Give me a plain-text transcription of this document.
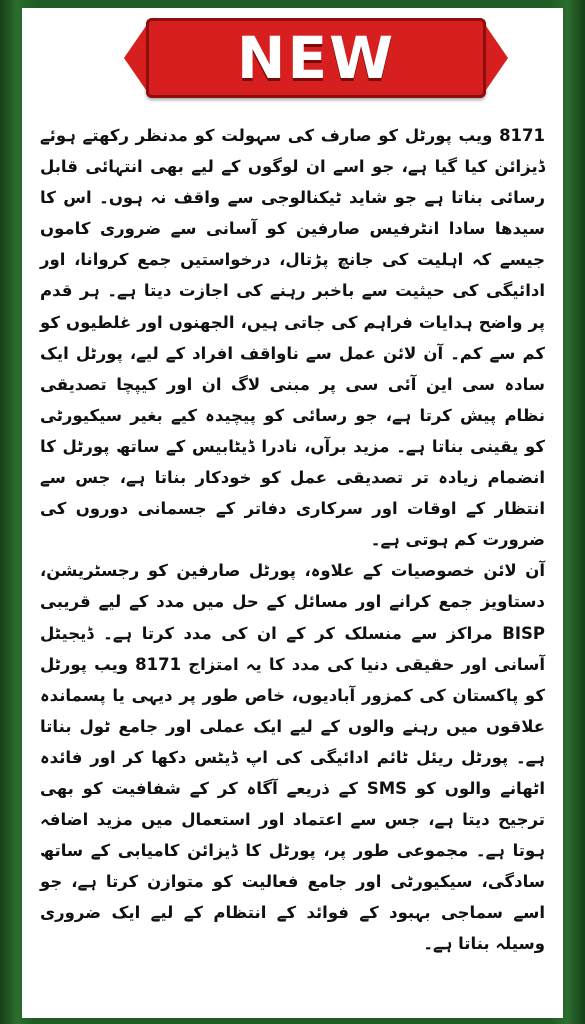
NEW

8171 ویب پورٹل کو صارف کی سہولت کو مدنظر رکھتے ہوئے ڈیزائن کیا گیا ہے، جو اسے ان لوگوں کے لیے بھی انتہائی قابل رسائی بناتا ہے جو شاید ٹیکنالوجی سے واقف نہ ہوں۔ اس کا سیدھا سادا انٹرفیس صارفین کو آسانی سے ضروری کاموں جیسے کہ اہلیت کی جانچ پڑتال، درخواستیں جمع کروانا، اور ادائیگی کی حیثیت سے باخبر رہنے کی اجازت دیتا ہے۔ ہر قدم پر واضح ہدایات فراہم کی جاتی ہیں، الجھنوں اور غلطیوں کو کم سے کم۔ آن لائن عمل سے ناواقف افراد کے لیے، پورٹل ایک سادہ سی این آئی سی پر مبنی لاگ ان اور کیپچا تصدیقی نظام پیش کرتا ہے، جو رسائی کو پیچیدہ کیے بغیر سیکیورٹی کو یقینی بناتا ہے۔ مزید برآں، نادرا ڈیٹابیس کے ساتھ پورٹل کا انضمام زیادہ تر تصدیقی عمل کو خودکار بناتا ہے، جس سے انتظار کے اوقات اور سرکاری دفاتر کے جسمانی دوروں کی ضرورت کم ہوتی ہے۔

آن لائن خصوصیات کے علاوہ، پورٹل صارفین کو رجسٹریشن، دستاویز جمع کرانے اور مسائل کے حل میں مدد کے لیے قریبی BISP مراکز سے منسلک کر کے ان کی مدد کرتا ہے۔ ڈیجیٹل آسانی اور حقیقی دنیا کی مدد کا یہ امتزاج 8171 ویب پورٹل کو پاکستان کی کمزور آبادیوں، خاص طور پر دیہی یا پسماندہ علاقوں میں رہنے والوں کے لیے ایک عملی اور جامع ٹول بناتا ہے۔ پورٹل ریئل ٹائم ادائیگی کی اپ ڈیٹس دکھا کر اور فائدہ اٹھانے والوں کو SMS کے ذریعے آگاہ کر کے شفافیت کو بھی ترجیح دیتا ہے، جس سے اعتماد اور استعمال میں مزید اضافہ ہوتا ہے۔ مجموعی طور پر، پورٹل کا ڈیزائن کامیابی کے ساتھ سادگی، سیکیورٹی اور جامع فعالیت کو متوازن کرتا ہے، جو اسے سماجی بہبود کے فوائد کے انتظام کے لیے ایک ضروری وسیلہ بناتا ہے۔
